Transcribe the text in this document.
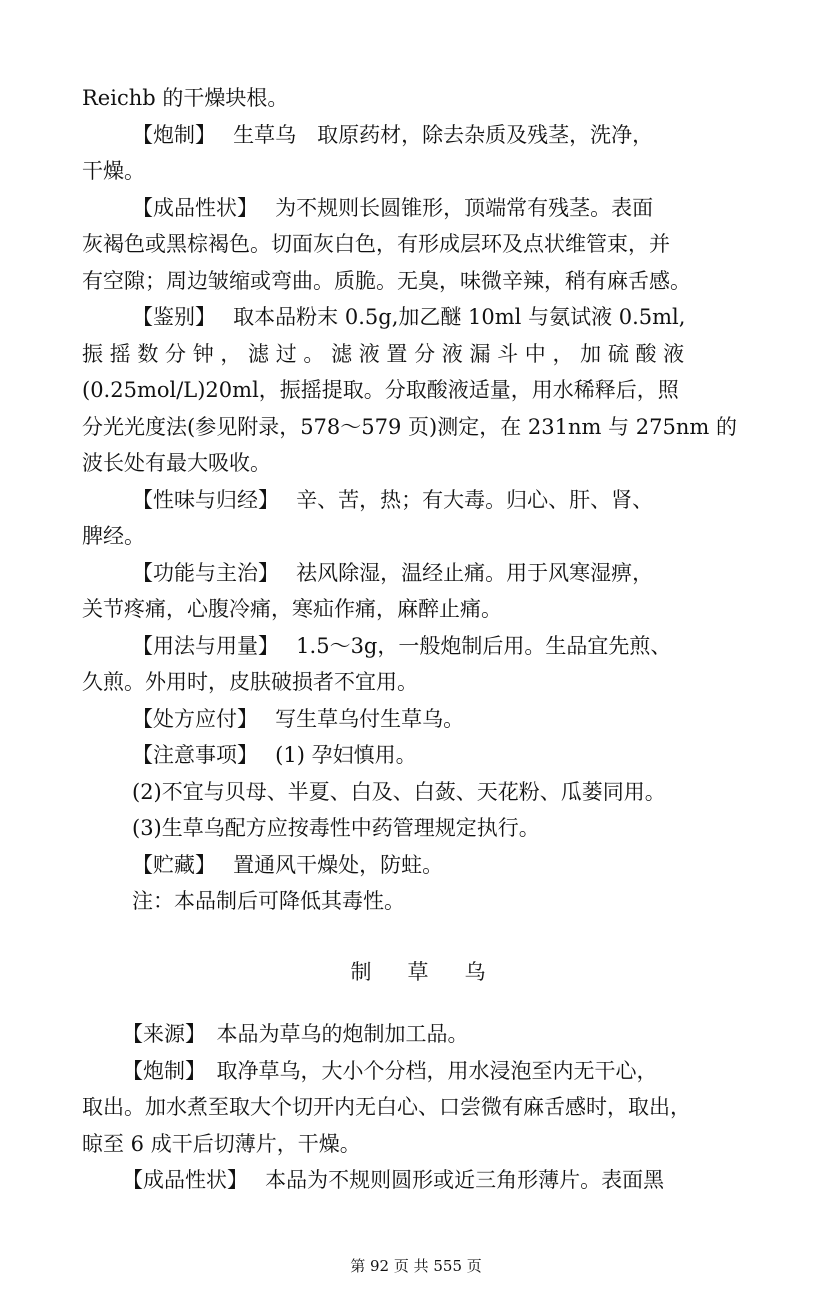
Reichb 的干燥块根。
【炮制】　 生草乌　取原药材，除去杂质及残茎，洗净，
干燥。
【成品性状】　 为不规则长圆锥形，顶端常有残茎。表面
灰褐色或黑棕褐色。切面灰白色，有形成层环及点状维管束，并
有空隙；周边皱缩或弯曲。质脆。无臭，味微辛辣，稍有麻舌感。
【鉴别】　 取本品粉末 0.5g,加乙醚 10ml 与氨试液 0.5ml,
振 摇 数 分 钟 ， 滤 过 。 滤 液 置 分 液 漏 斗 中 ， 加 硫 酸 液
(0.25mol/L)20ml，振摇提取。分取酸液适量，用水稀释后，照
分光光度法(参见附录，578～579 页)测定，在 231nm 与 275nm 的
波长处有最大吸收。
【性味与归经】　 辛、苦，热；有大毒。归心、肝、肾、
脾经。
【功能与主治】　 祛风除湿，温经止痛。用于风寒湿痹，
关节疼痛，心腹冷痛，寒疝作痛，麻醉止痛。
【用法与用量】　 1.5～3g，一般炮制后用。生品宜先煎、
久煎。外用时，皮肤破损者不宜用。
【处方应付】　 写生草乌付生草乌。
【注意事项】　 (1) 孕妇慎用。
(2)不宜与贝母、半夏、白及、白蔹、天花粉、瓜蒌同用。
(3)生草乌配方应按毒性中药管理规定执行。
【贮藏】　 置通风干燥处，防蛀。
注：本品制后可降低其毒性。
制草乌
【来源】　本品为草乌的炮制加工品。
【炮制】　取净草乌，大小个分档，用水浸泡至内无干心，
取出。加水煮至取大个切开内无白心、口尝微有麻舌感时，取出，
晾至 6 成干后切薄片，干燥。
【成品性状】　 本品为不规则圆形或近三角形薄片。表面黑
第 92 页 共 555 页
